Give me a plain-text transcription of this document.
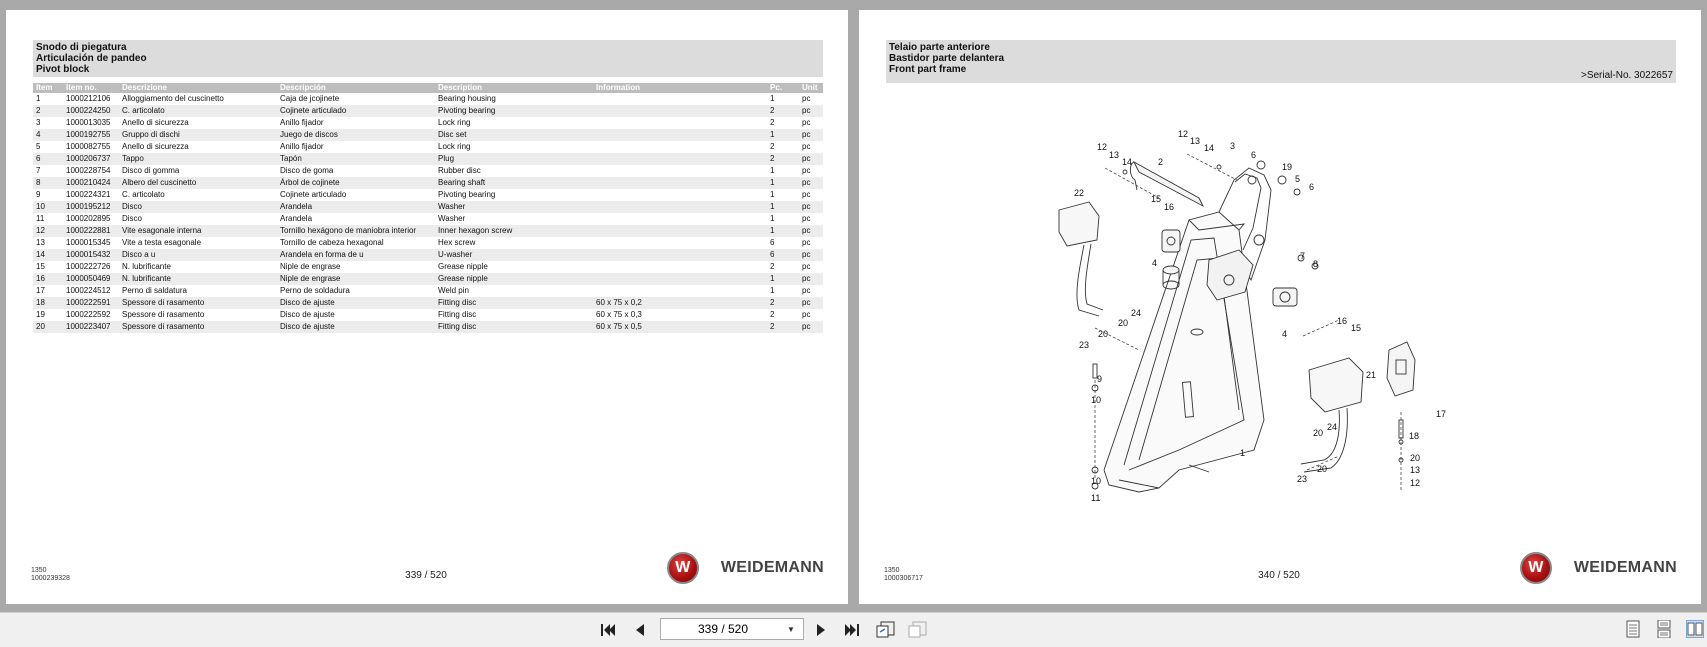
Snodo di piegatura
Articulación de pandeo
Pivot block
Item	Item no.	Descrizione	Descripción	Description	Information	Pc.	Unit
1	1000212106	Alloggiamento del cuscinetto	Caja de jcojinete	Bearing housing		1	pc
2	1000224250	C. articolato	Cojinete articulado	Pivoting bearing		2	pc
3	1000013035	Anello di sicurezza	Anillo fijador	Lock ring		2	pc
4	1000192755	Gruppo di dischi	Juego de discos	Disc set		1	pc
5	1000082755	Anello di sicurezza	Anillo fijador	Lock ring		2	pc
6	1000206737	Tappo	Tapón	Plug		2	pc
7	1000228754	Disco di gomma	Disco de goma	Rubber disc		1	pc
8	1000210424	Albero del cuscinetto	Árbol de cojinete	Bearing shaft		1	pc
9	1000224321	C. articolato	Cojinete articulado	Pivoting bearing		1	pc
10	1000195212	Disco	Arandela	Washer		1	pc
11	1000202895	Disco	Arandela	Washer		1	pc
12	1000222881	Vite esagonale interna	Tornillo hexágono de maniobra interior	Inner hexagon screw		1	pc
13	1000015345	Vite a testa esagonale	Tornillo de cabeza hexagonal	Hex screw		6	pc
14	1000015432	Disco a u	Arandela en forma de u	U-washer		6	pc
15	1000222726	N. lubrificante	Niple de engrase	Grease nipple		2	pc
16	1000050469	N. lubrificante	Niple de engrase	Grease nipple		1	pc
17	1000224512	Perno di saldatura	Perno de soldadura	Weld pin		1	pc
18	1000222591	Spessore di rasamento	Disco de ajuste	Fitting disc	60 x 75 x 0,2	2	pc
19	1000222592	Spessore di rasamento	Disco de ajuste	Fitting disc	60 x 75 x 0,3	2	pc
20	1000223407	Spessore di rasamento	Disco de ajuste	Fitting disc	60 x 75 x 0,5	2	pc
1350
1000239328	339 / 520	W	WEIDEMANN
Telaio parte anteriore
Bastidor parte delantera
Front part frame
>Serial-No. 3022657
12
13
14
12
13
14 3
6
2	19
5
6
22
15
16
4
7
8
24
20	16
15
20	4
23
21
9
17
10
24
20	18
1
20
20
13
23	12
10
11
1350
1000306717	340 / 520	W	WEIDEMANN
339 / 520
▼
